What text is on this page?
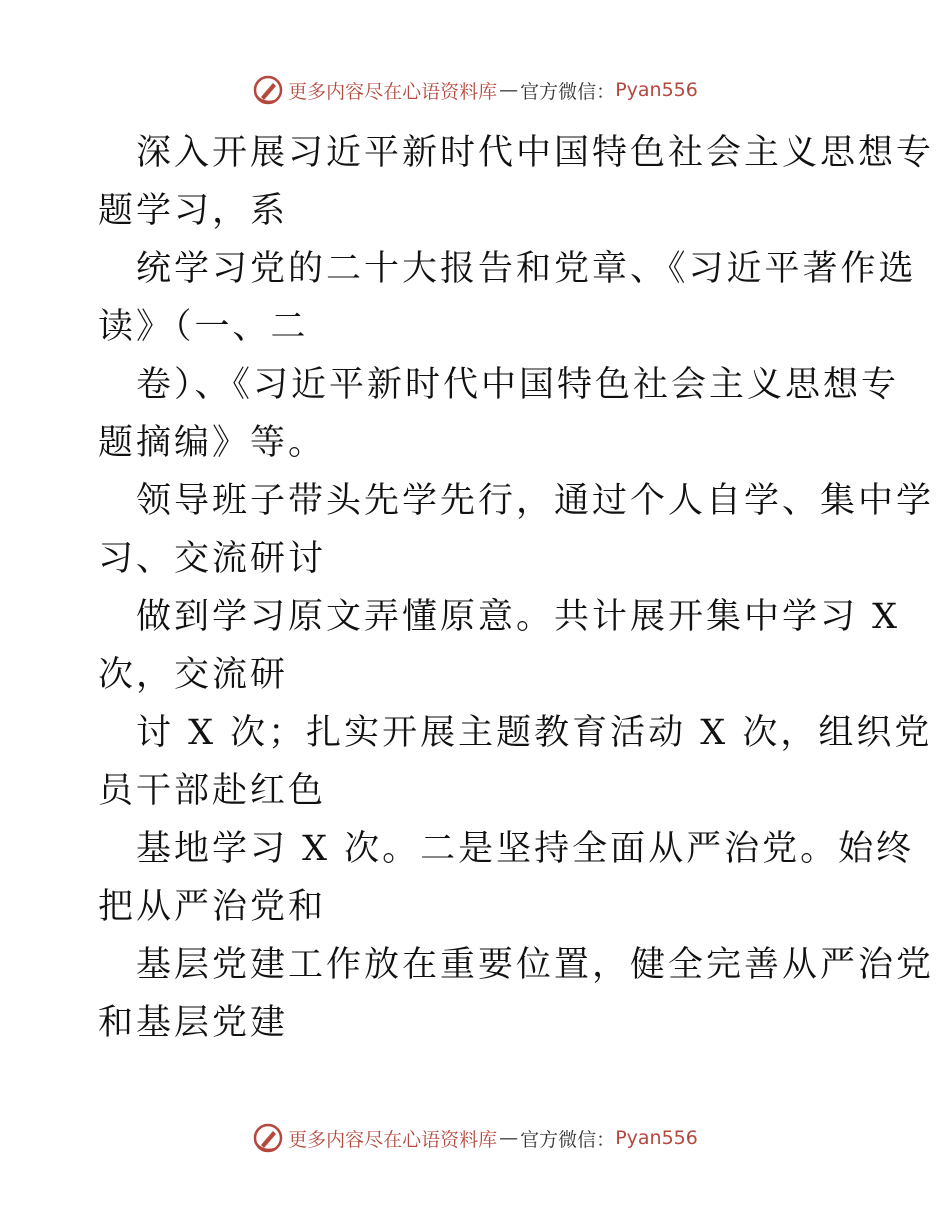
更多内容尽在心语资料库 — 官方微信： Pyan556

深入开展习近平新时代中国特色社会主义思想专
题学习，系

统学习党的二十大报告和党章、《习近平著作选
读》（一、二

卷）、《习近平新时代中国特色社会主义思想专
题摘编》等。

领导班子带头先学先行，通过个人自学、集中学
习、交流研讨

做到学习原文弄懂原意。共计展开集中学习 X
次，交流研

讨 X 次；扎实开展主题教育活动 X 次，组织党
员干部赴红色

基地学习 X 次。二是坚持全面从严治党。始终
把从严治党和

基层党建工作放在重要位置，健全完善从严治党
和基层党建

更多内容尽在心语资料库 — 官方微信： Pyan556
